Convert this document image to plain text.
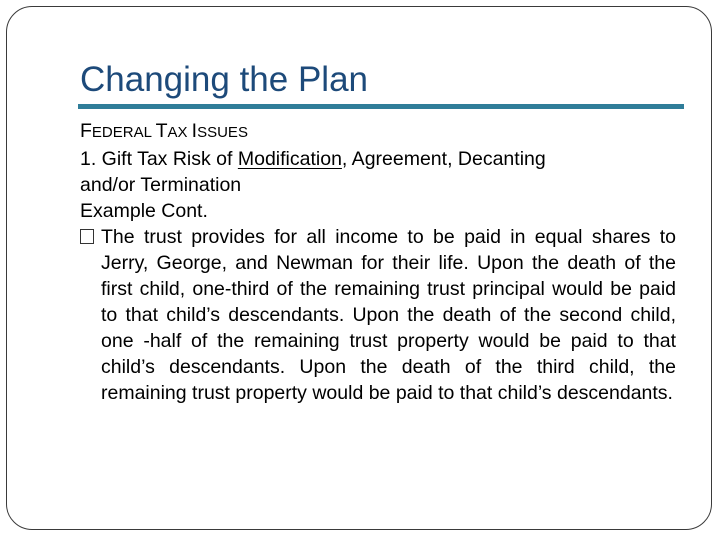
Changing the Plan
FEDERAL TAX ISSUES
1. Gift Tax Risk of Modification, Agreement, Decanting
and/or Termination
Example Cont.
The trust provides for all income to be paid in equal shares to Jerry, George, and Newman for their life. Upon the death of the first child, one-third of the remaining trust principal would be paid to that child’s descendants. Upon the death of the second child, one -half of the remaining trust property would be paid to that child’s descendants. Upon the death of the third child, the remaining trust property would be paid to that child’s descendants.
